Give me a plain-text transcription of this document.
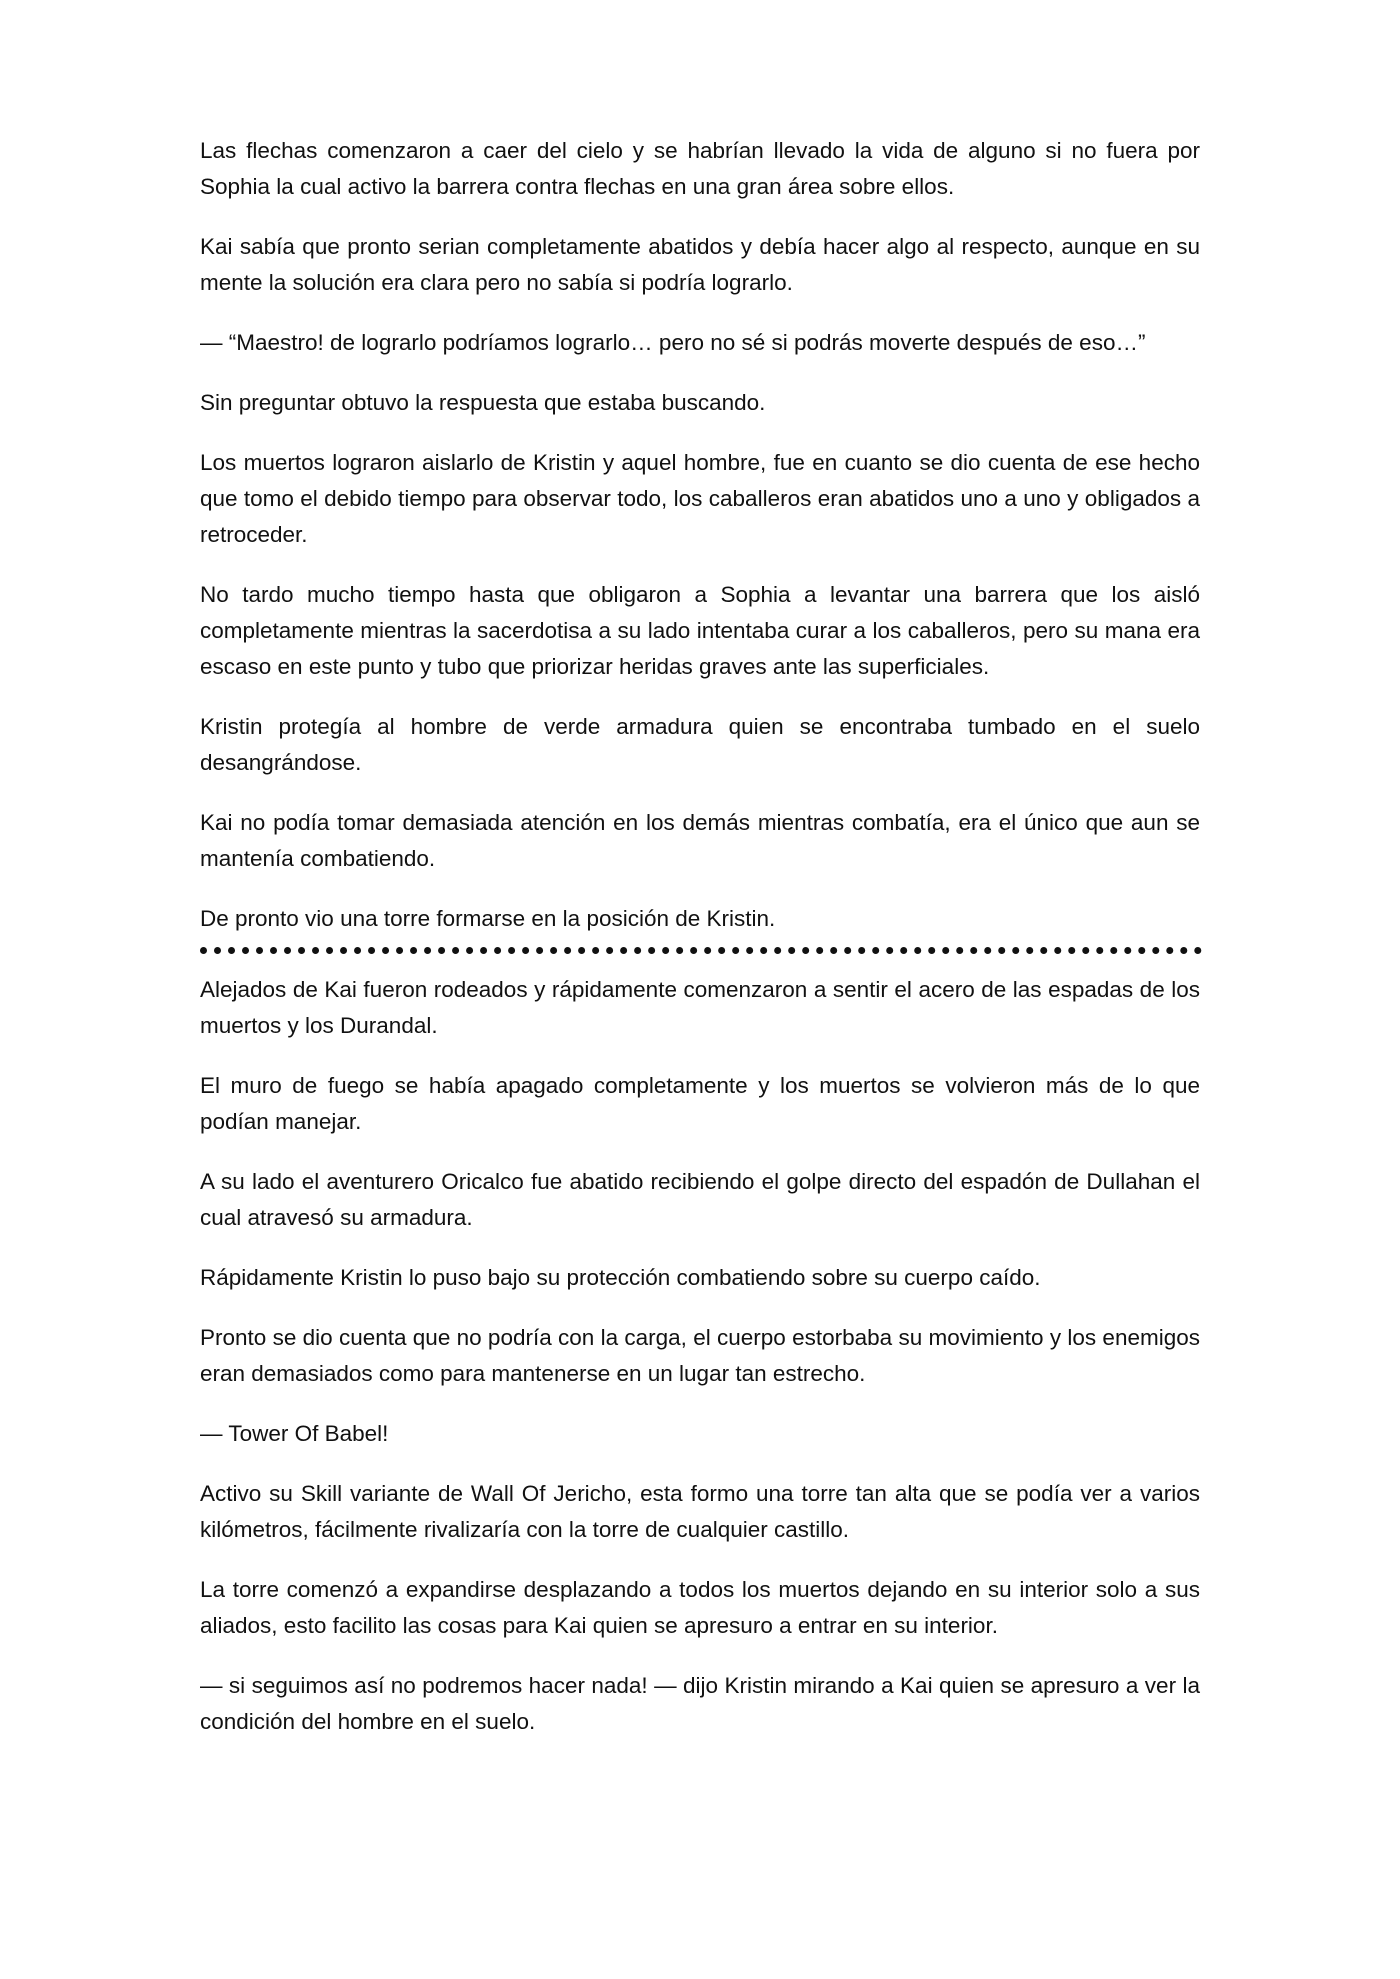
Las flechas comenzaron a caer del cielo y se habrían llevado la vida de alguno si no fuera por Sophia la cual activo la barrera contra flechas en una gran área sobre ellos.

Kai sabía que pronto serian completamente abatidos y debía hacer algo al respecto, aunque en su mente la solución era clara pero no sabía si podría lograrlo.

— “Maestro! de lograrlo podríamos lograrlo… pero no sé si podrás moverte después de eso…”

Sin preguntar obtuvo la respuesta que estaba buscando.

Los muertos lograron aislarlo de Kristin y aquel hombre, fue en cuanto se dio cuenta de ese hecho que tomo el debido tiempo para observar todo, los caballeros eran abatidos uno a uno y obligados a retroceder.

No tardo mucho tiempo hasta que obligaron a Sophia a levantar una barrera que los aisló completamente mientras la sacerdotisa a su lado intentaba curar a los caballeros, pero su mana era escaso en este punto y tubo que priorizar heridas graves ante las superficiales.

Kristin protegía al hombre de verde armadura quien se encontraba tumbado en el suelo desangrándose.

Kai no podía tomar demasiada atención en los demás mientras combatía, era el único que aun se mantenía combatiendo.

De pronto vio una torre formarse en la posición de Kristin.

Alejados de Kai fueron rodeados y rápidamente comenzaron a sentir el acero de las espadas de los muertos y los Durandal.

El muro de fuego se había apagado completamente y los muertos se volvieron más de lo que podían manejar.

A su lado el aventurero Oricalco fue abatido recibiendo el golpe directo del espadón de Dullahan el cual atravesó su armadura.

Rápidamente Kristin lo puso bajo su protección combatiendo sobre su cuerpo caído.

Pronto se dio cuenta que no podría con la carga, el cuerpo estorbaba su movimiento y los enemigos eran demasiados como para mantenerse en un lugar tan estrecho.

— Tower Of Babel!

Activo su Skill variante de Wall Of Jericho, esta formo una torre tan alta que se podía ver a varios kilómetros, fácilmente rivalizaría con la torre de cualquier castillo.

La torre comenzó a expandirse desplazando a todos los muertos dejando en su interior solo a sus aliados, esto facilito las cosas para Kai quien se apresuro a entrar en su interior.

— si seguimos así no podremos hacer nada! — dijo Kristin mirando a Kai quien se apresuro a ver la condición del hombre en el suelo.
